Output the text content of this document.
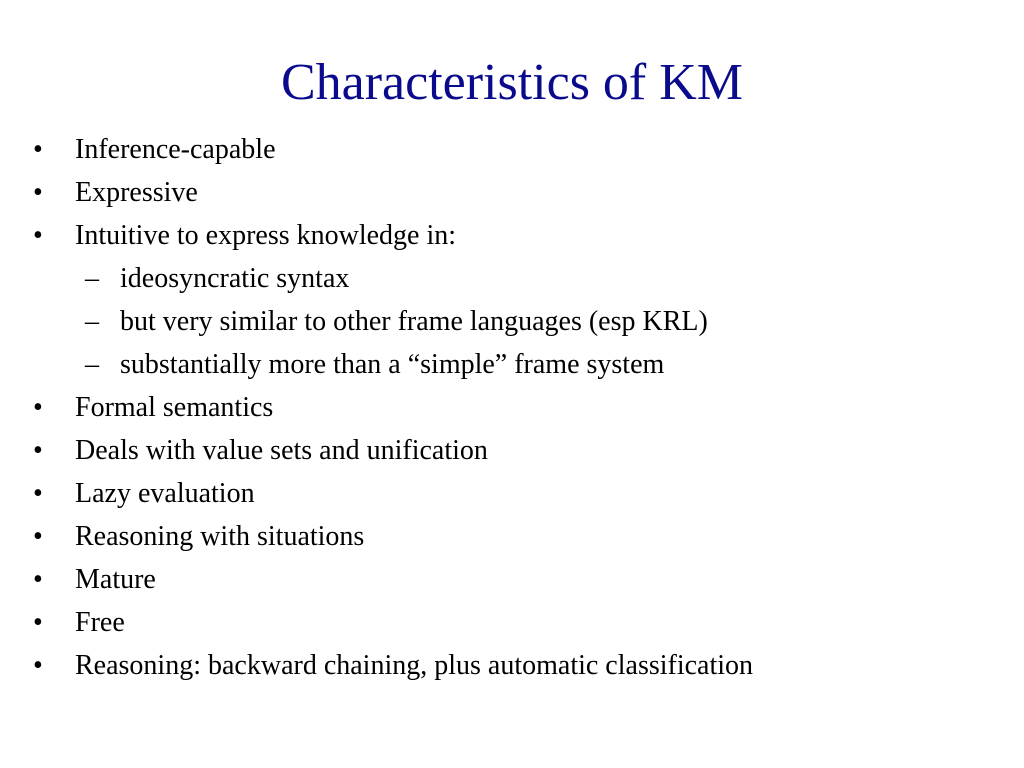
Characteristics of KM
• Inference-capable
• Expressive
• Intuitive to express knowledge in:
– ideosyncratic syntax
– but very similar to other frame languages (esp KRL)
– substantially more than a “simple” frame system
• Formal semantics
• Deals with value sets and unification
• Lazy evaluation
• Reasoning with situations
• Mature
• Free
• Reasoning: backward chaining, plus automatic classification
